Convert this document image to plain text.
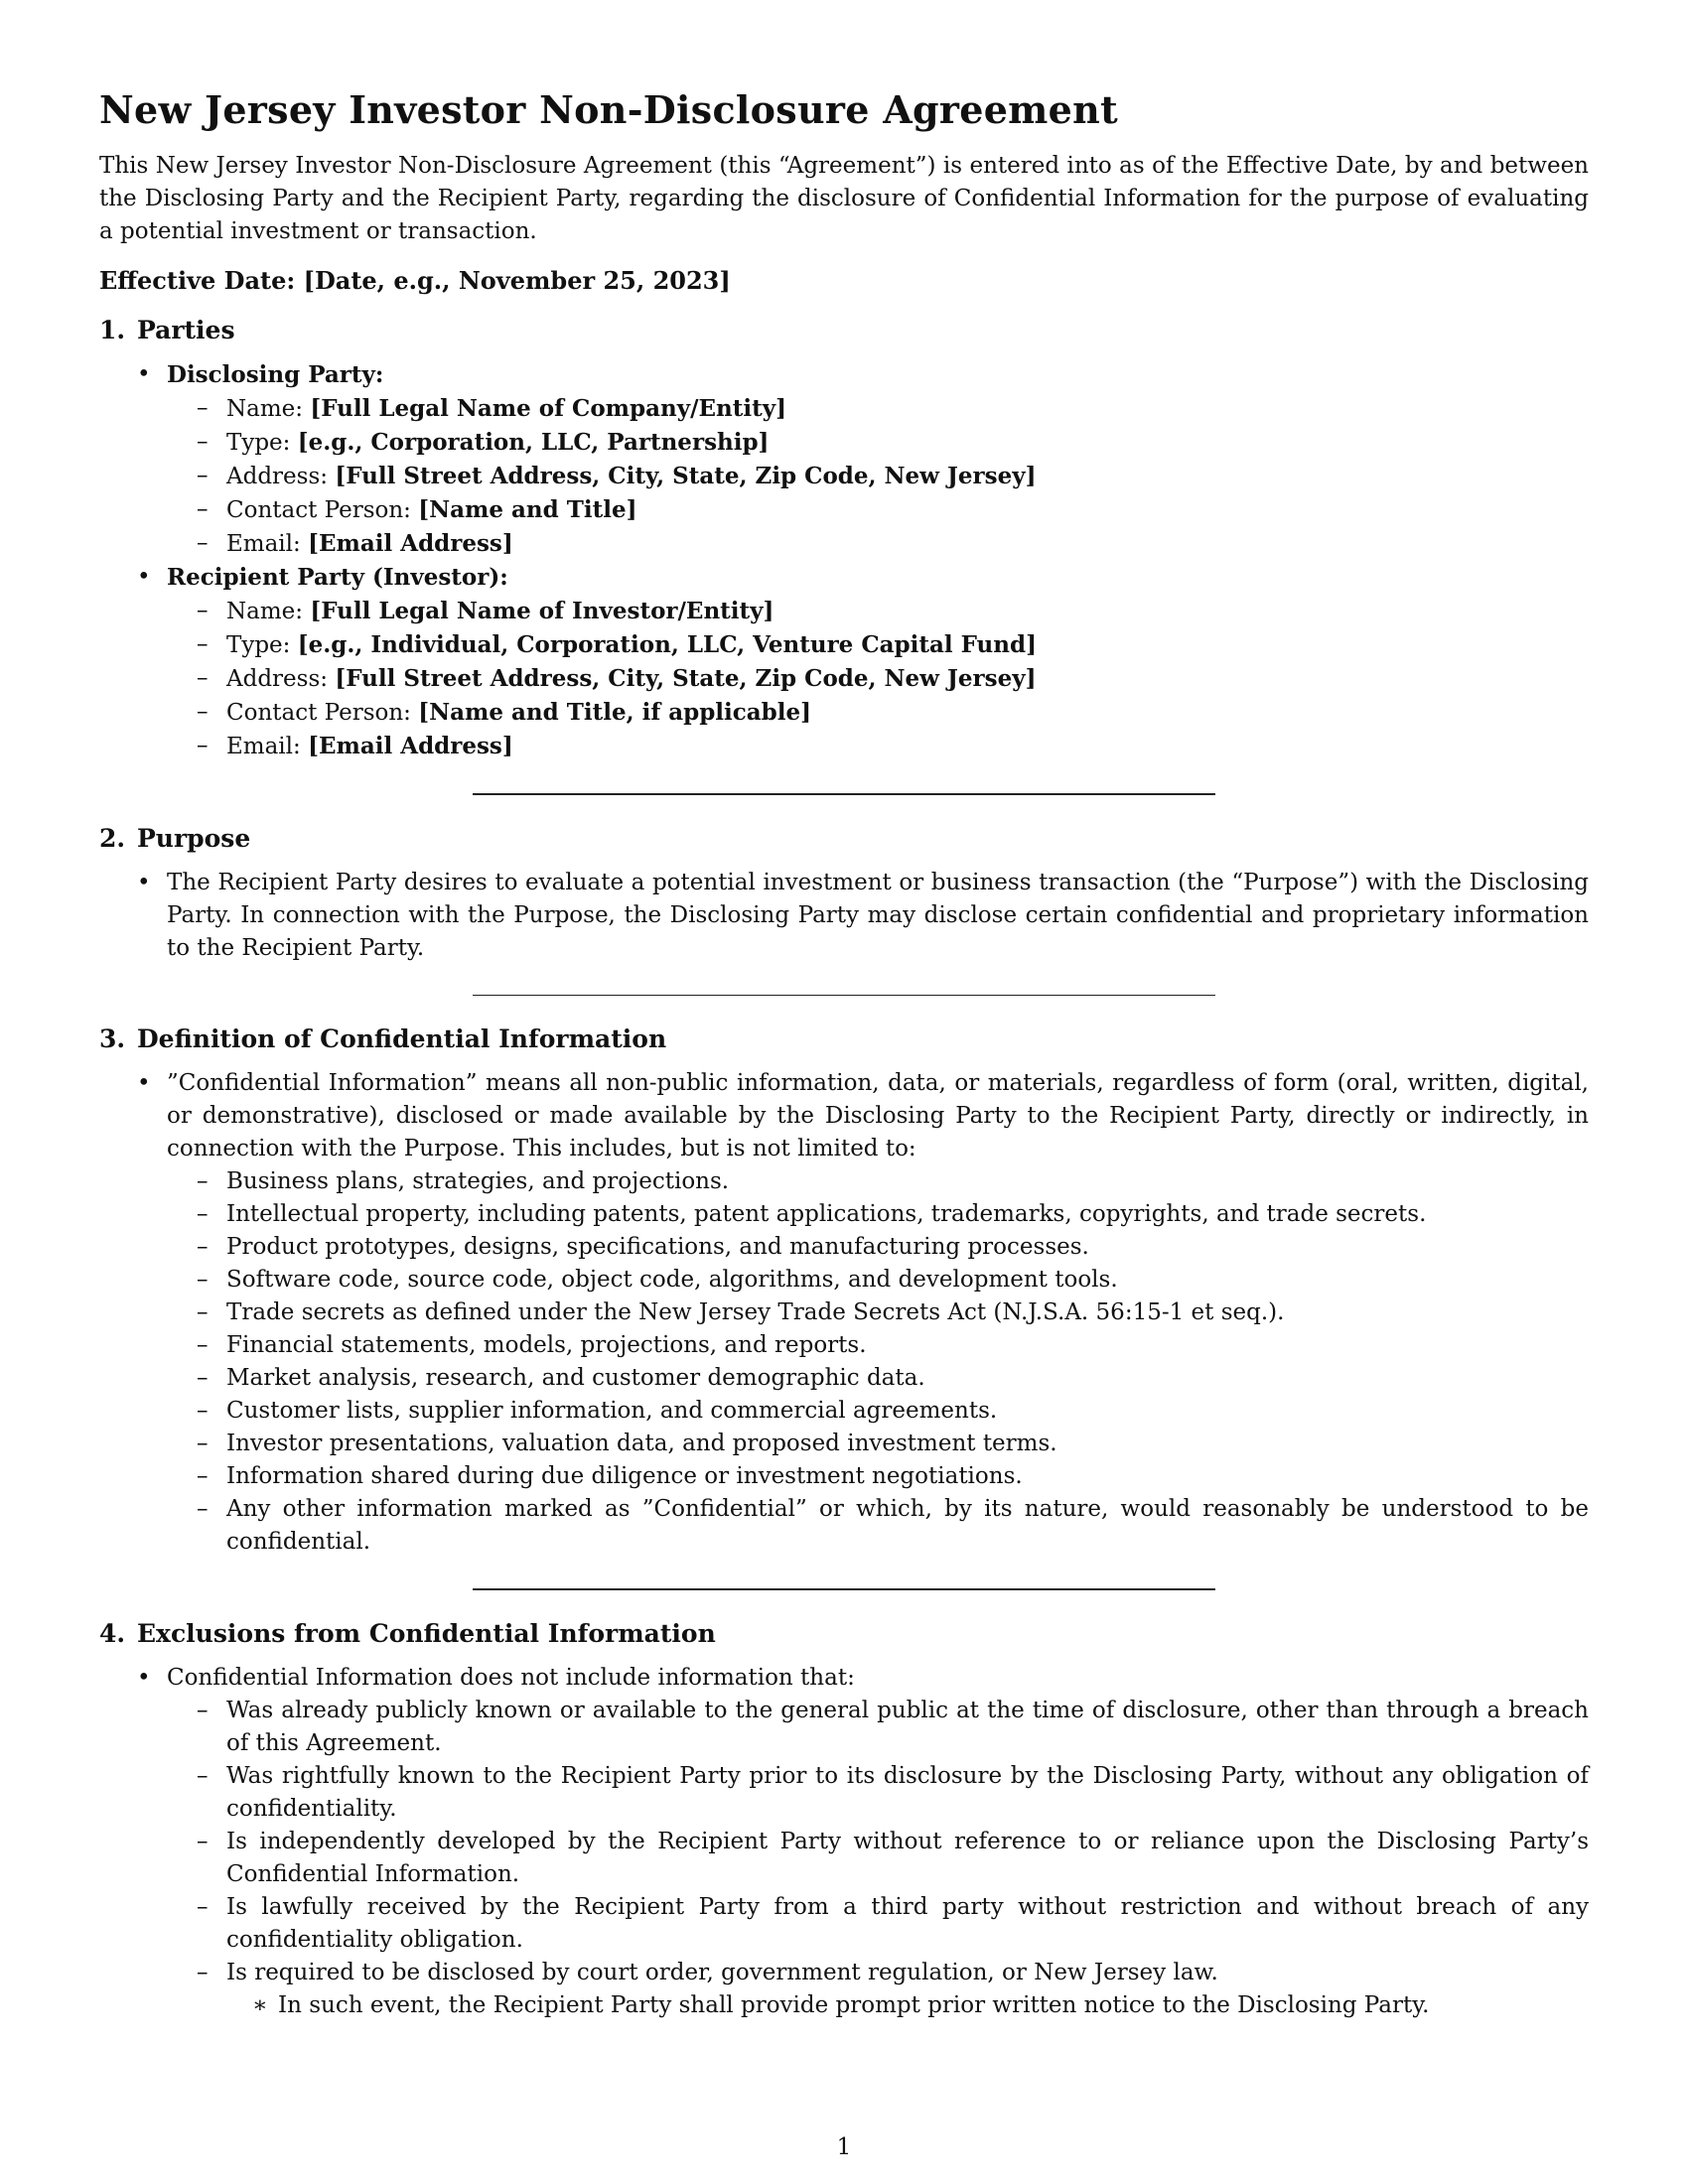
New Jersey Investor Non-Disclosure Agreement

This New Jersey Investor Non-Disclosure Agreement (this “Agreement”) is entered into as of the Effective Date, by and between the Disclosing Party and the Recipient Party, regarding the disclosure of Confidential Information for the purpose of evaluating a potential investment or transaction.

Effective Date: [Date, e.g., November 25, 2023]
1. Parties
• Disclosing Party:
– Name: [Full Legal Name of Company/Entity]
– Type: [e.g., Corporation, LLC, Partnership]
– Address: [Full Street Address, City, State, Zip Code, New Jersey]
– Contact Person: [Name and Title]
– Email: [Email Address]
• Recipient Party (Investor):
– Name: [Full Legal Name of Investor/Entity]
– Type: [e.g., Individual, Corporation, LLC, Venture Capital Fund]
– Address: [Full Street Address, City, State, Zip Code, New Jersey]
– Contact Person: [Name and Title, if applicable]
– Email: [Email Address]
2. Purpose
• The Recipient Party desires to evaluate a potential investment or business transaction (the “Purpose”) with the Disclosing Party. In connection with the Purpose, the Disclosing Party may disclose certain confidential and proprietary information to the Recipient Party.
3. Definition of Confidential Information
• ”Confidential Information” means all non-public information, data, or materials, regardless of form (oral, written, digital, or demonstrative), disclosed or made available by the Disclosing Party to the Recipient Party, directly or indirectly, in connection with the Purpose. This includes, but is not limited to:
– Business plans, strategies, and projections.
– Intellectual property, including patents, patent applications, trademarks, copyrights, and trade secrets.
– Product prototypes, designs, specifications, and manufacturing processes.
– Software code, source code, object code, algorithms, and development tools.
– Trade secrets as defined under the New Jersey Trade Secrets Act (N.J.S.A. 56:15-1 et seq.).
– Financial statements, models, projections, and reports.
– Market analysis, research, and customer demographic data.
– Customer lists, supplier information, and commercial agreements.
– Investor presentations, valuation data, and proposed investment terms.
– Information shared during due diligence or investment negotiations.
– Any other information marked as ”Confidential” or which, by its nature, would reasonably be understood to be confidential.
4. Exclusions from Confidential Information
• Confidential Information does not include information that:
– Was already publicly known or available to the general public at the time of disclosure, other than through a breach of this Agreement.
– Was rightfully known to the Recipient Party prior to its disclosure by the Disclosing Party, without any obligation of confidentiality.
– Is independently developed by the Recipient Party without reference to or reliance upon the Disclosing Party’s Confidential Information.
– Is lawfully received by the Recipient Party from a third party without restriction and without breach of any confidentiality obligation.
– Is required to be disclosed by court order, government regulation, or New Jersey law.
∗ In such event, the Recipient Party shall provide prompt prior written notice to the Disclosing Party.
1
